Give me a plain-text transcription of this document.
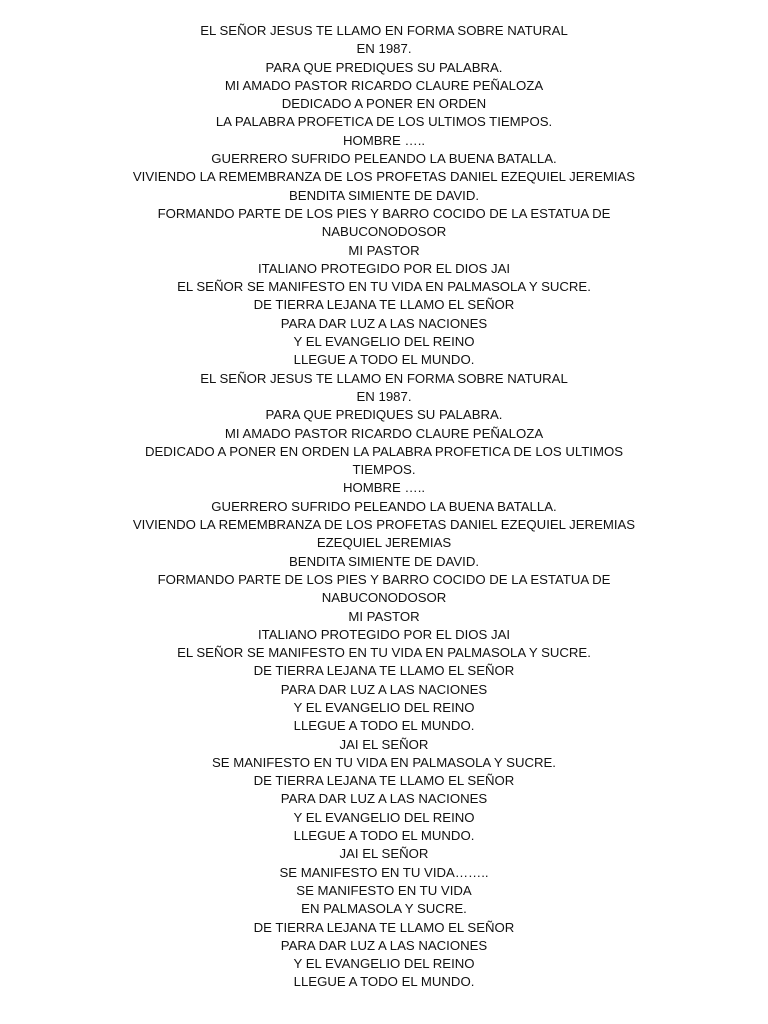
EL SEÑOR JESUS TE LLAMO EN FORMA SOBRE NATURAL
EN 1987.
PARA QUE PREDIQUES SU PALABRA.
MI AMADO PASTOR RICARDO CLAURE PEÑALOZA
DEDICADO A PONER EN ORDEN
LA PALABRA PROFETICA DE LOS ULTIMOS TIEMPOS.
HOMBRE …..
GUERRERO SUFRIDO PELEANDO LA BUENA BATALLA.
VIVIENDO LA REMEMBRANZA DE LOS PROFETAS DANIEL EZEQUIEL JEREMIAS
BENDITA SIMIENTE DE DAVID.
FORMANDO PARTE DE LOS PIES Y BARRO COCIDO DE LA ESTATUA DE
NABUCONODOSOR
MI PASTOR
ITALIANO PROTEGIDO POR EL DIOS JAI
EL SEÑOR SE MANIFESTO EN TU VIDA EN PALMASOLA Y SUCRE.
DE TIERRA LEJANA TE LLAMO EL SEÑOR
PARA DAR LUZ A LAS NACIONES
Y EL EVANGELIO DEL REINO
LLEGUE A TODO EL MUNDO.
EL SEÑOR JESUS TE LLAMO EN FORMA SOBRE NATURAL
EN 1987.
PARA QUE PREDIQUES SU PALABRA.
MI AMADO PASTOR RICARDO CLAURE PEÑALOZA
DEDICADO A PONER EN ORDEN LA PALABRA PROFETICA DE LOS ULTIMOS
TIEMPOS.
HOMBRE …..
GUERRERO SUFRIDO PELEANDO LA BUENA BATALLA.
VIVIENDO LA REMEMBRANZA DE LOS PROFETAS DANIEL EZEQUIEL JEREMIAS
EZEQUIEL JEREMIAS
BENDITA SIMIENTE DE DAVID.
FORMANDO PARTE DE LOS PIES Y BARRO COCIDO DE LA ESTATUA DE
NABUCONODOSOR
MI PASTOR
ITALIANO PROTEGIDO POR EL DIOS JAI
EL SEÑOR SE MANIFESTO EN TU VIDA EN PALMASOLA Y SUCRE.
DE TIERRA LEJANA TE LLAMO EL SEÑOR
PARA DAR LUZ A LAS NACIONES
Y EL EVANGELIO DEL REINO
LLEGUE A TODO EL MUNDO.
JAI EL SEÑOR
SE MANIFESTO EN TU VIDA EN PALMASOLA Y SUCRE.
DE TIERRA LEJANA TE LLAMO EL SEÑOR
PARA DAR LUZ A LAS NACIONES
Y EL EVANGELIO DEL REINO
LLEGUE A TODO EL MUNDO.
JAI EL SEÑOR
SE MANIFESTO EN TU VIDA……..
SE MANIFESTO EN TU VIDA
EN PALMASOLA Y SUCRE.
DE TIERRA LEJANA TE LLAMO EL SEÑOR
PARA DAR LUZ A LAS NACIONES
Y EL EVANGELIO DEL REINO
LLEGUE A TODO EL MUNDO.
